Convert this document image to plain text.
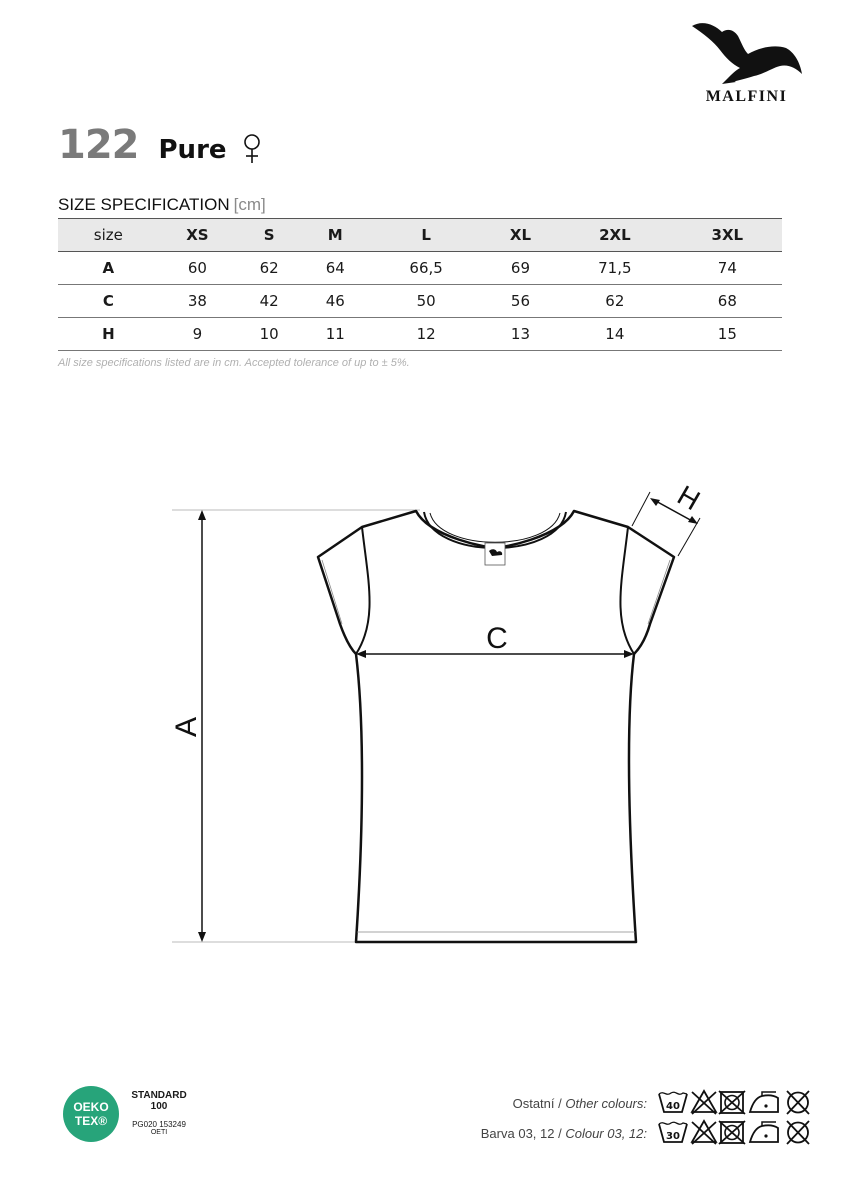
MALFINI
122 Pure
SIZE SPECIFICATION [cm]
size	XS	S	M	L	XL	2XL	3XL
A	60	62	64	66,5	69	71,5	74
C	38	42	46	50	56	62	68
H	9	10	11	12	13	14	15
All size specifications listed are in cm. Accepted tolerance of up to ± 5%.
A
C
H
OEKO
TEX®
STANDARD
100
PG020 153249
OETI
Ostatní / Other colours:
Barva 03, 12 / Colour 03, 12:
40
30
